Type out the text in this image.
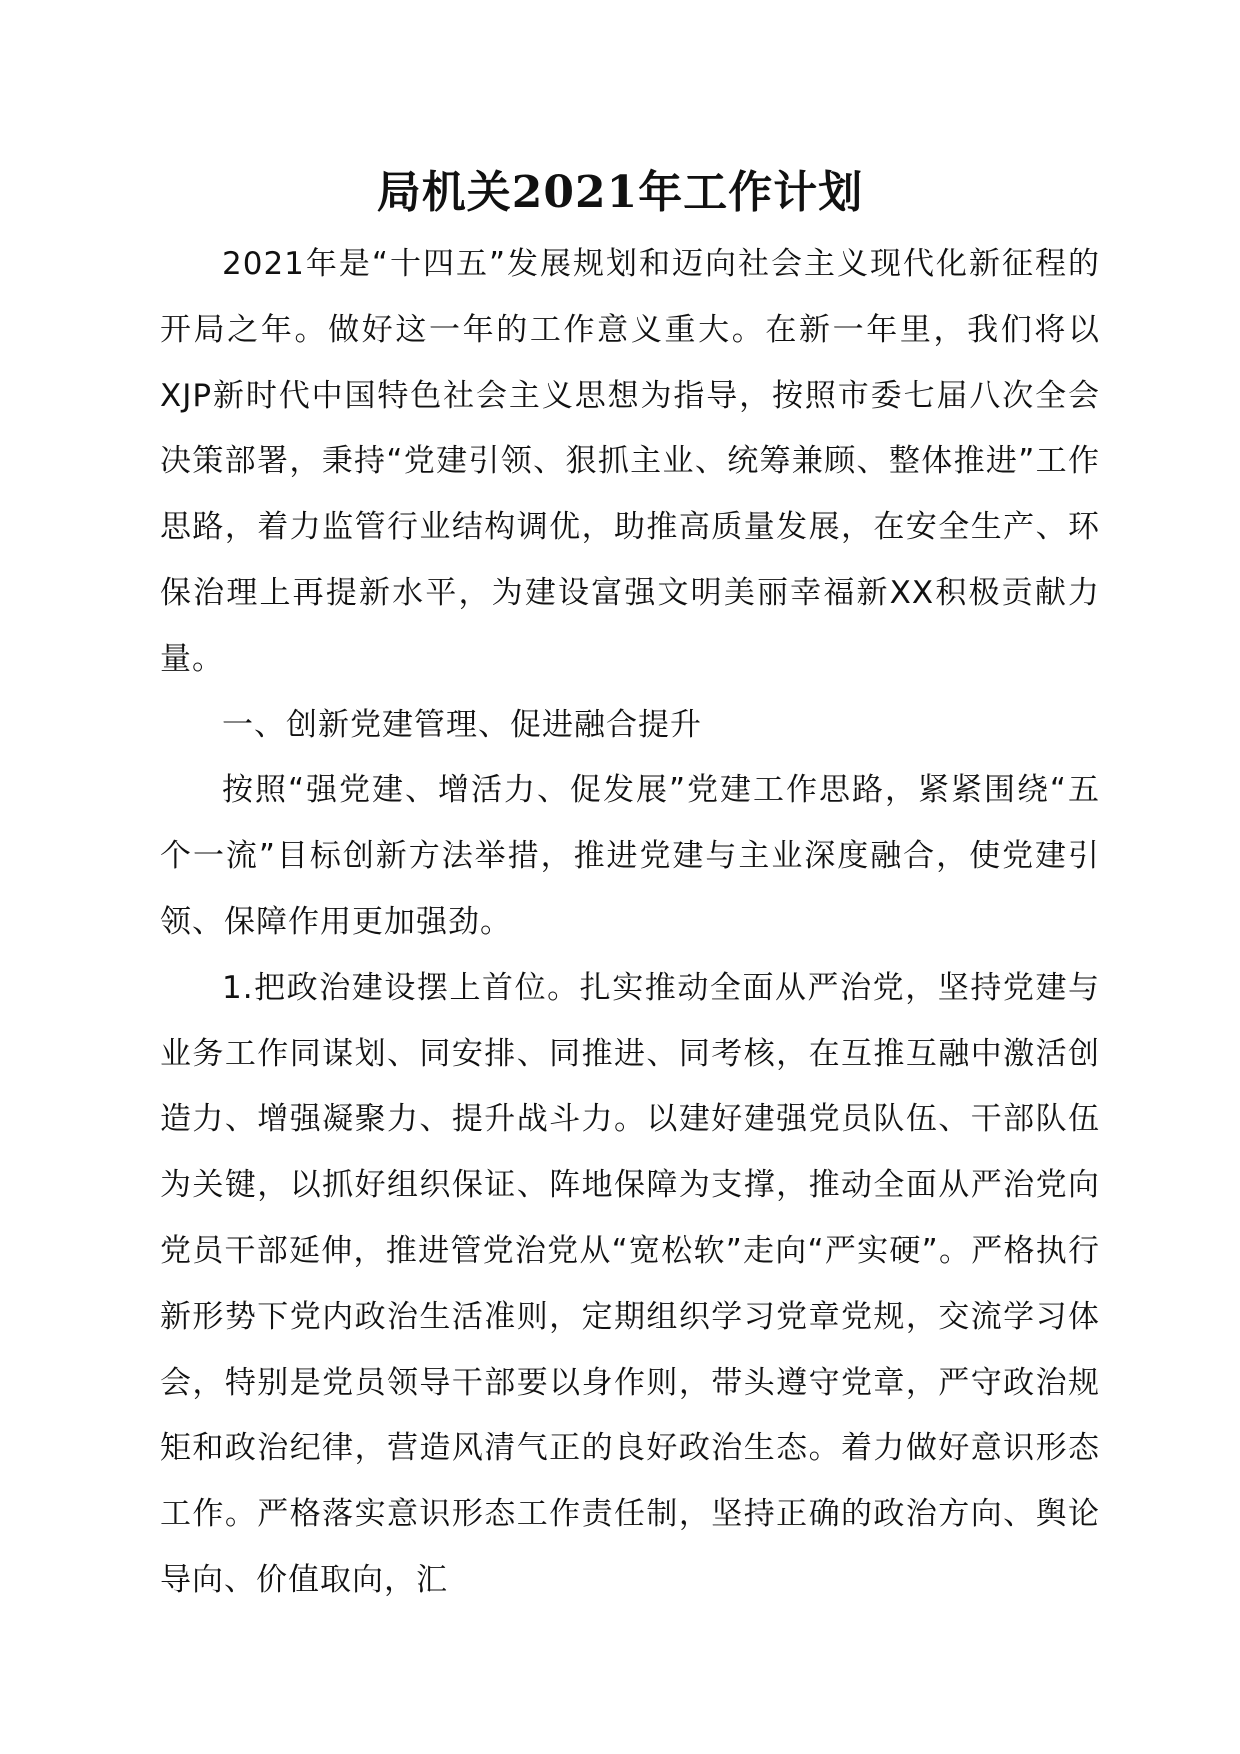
局机关2021年工作计划

2021年是“十四五”发展规划和迈向社会主义现代化新征程的开局之年。做好这一年的工作意义重大。在新一年里，我们将以XJP新时代中国特色社会主义思想为指导，按照市委七届八次全会决策部署，秉持“党建引领、狠抓主业、统筹兼顾、整体推进”工作思路，着力监管行业结构调优，助推高质量发展，在安全生产、环保治理上再提新水平，为建设富强文明美丽幸福新XX积极贡献力量。

一、创新党建管理、促进融合提升

按照“强党建、增活力、促发展”党建工作思路，紧紧围绕“五个一流”目标创新方法举措，推进党建与主业深度融合，使党建引领、保障作用更加强劲。

1.把政治建设摆上首位。扎实推动全面从严治党，坚持党建与业务工作同谋划、同安排、同推进、同考核，在互推互融中激活创造力、增强凝聚力、提升战斗力。以建好建强党员队伍、干部队伍为关键，以抓好组织保证、阵地保障为支撑，推动全面从严治党向党员干部延伸，推进管党治党从“宽松软”走向“严实硬”。严格执行新形势下党内政治生活准则，定期组织学习党章党规，交流学习体会，特别是党员领导干部要以身作则，带头遵守党章，严守政治规矩和政治纪律，营造风清气正的良好政治生态。着力做好意识形态工作。严格落实意识形态工作责任制，坚持正确的政治方向、舆论导向、价值取向，汇
